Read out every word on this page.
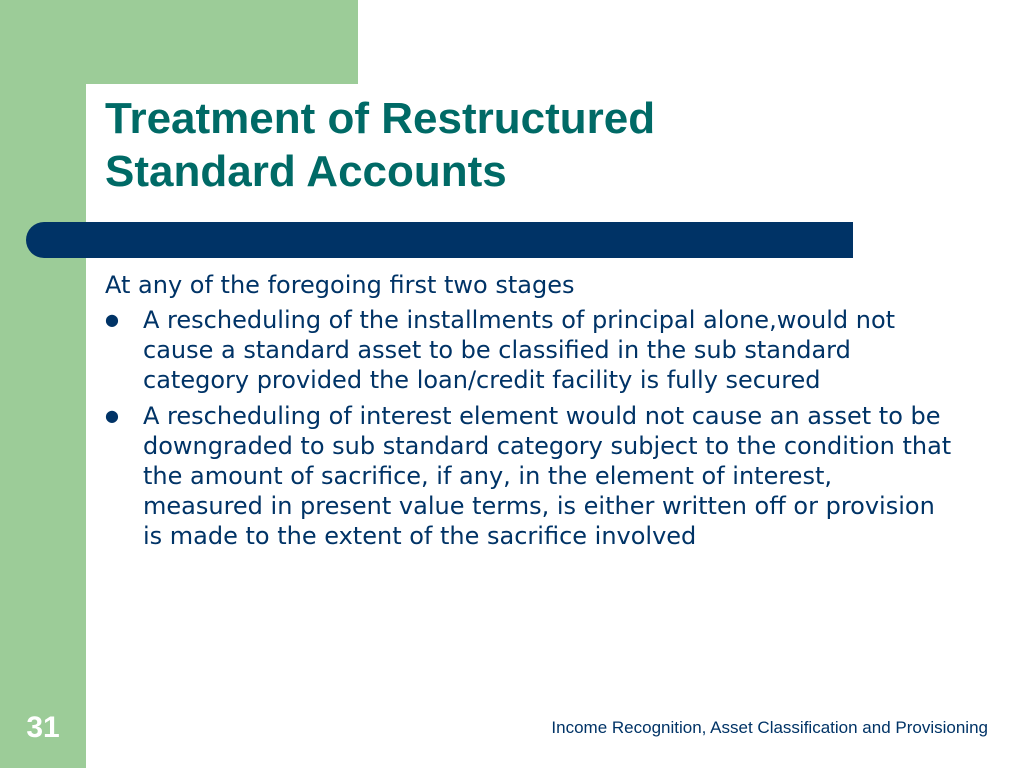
Treatment of Restructured
Standard Accounts

At any of the foregoing first two stages

●	A rescheduling of the installments of principal alone,would not cause a standard asset to be classified in the sub standard category provided the loan/credit facility is fully secured
●	A rescheduling of interest element would not cause an asset to be downgraded to sub standard category subject to the condition that the amount of sacrifice, if any, in the element of interest, measured in present value terms, is either written off or provision is made to the extent of the sacrifice involved
31	Income Recognition, Asset Classification and Provisioning
